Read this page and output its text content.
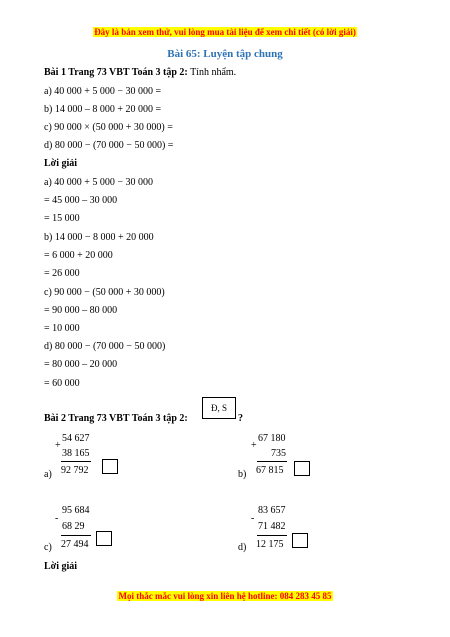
Đây là bản xem thử, vui lòng mua tài liệu để xem chi tiết (có lời giải)
Bài 65: Luyện tập chung
Bài 1 Trang 73 VBT Toán 3 tập 2: Tính nhẩm.
a) 40 000 + 5 000 − 30 000 =
b) 14 000 – 8 000 + 20 000 =
c) 90 000 × (50 000 + 30 000) =
d) 80 000 − (70 000 − 50 000) =
Lời giải
a) 40 000 + 5 000 − 30 000
= 45 000 – 30 000
= 15 000
b) 14 000 − 8 000 + 20 000
= 6 000 + 20 000
= 26 000
c) 90 000 − (50 000 + 30 000)
= 90 000 – 80 000
= 10 000
d) 80 000 − (70 000 − 50 000)
= 80 000 – 20 000
= 60 000
Bài 2 Trang 73 VBT Toán 3 tập 2:
Đ, S
?
54 627
+
38 165
a) 92 792
67 180
+
735
b) 67 815
95 684
-
68 29
c) 27 494
83 657
-
71 482
d) 12 175
Lời giải
Mọi thắc mắc vui lòng xin liên hệ hotline: 084 283 45 85
